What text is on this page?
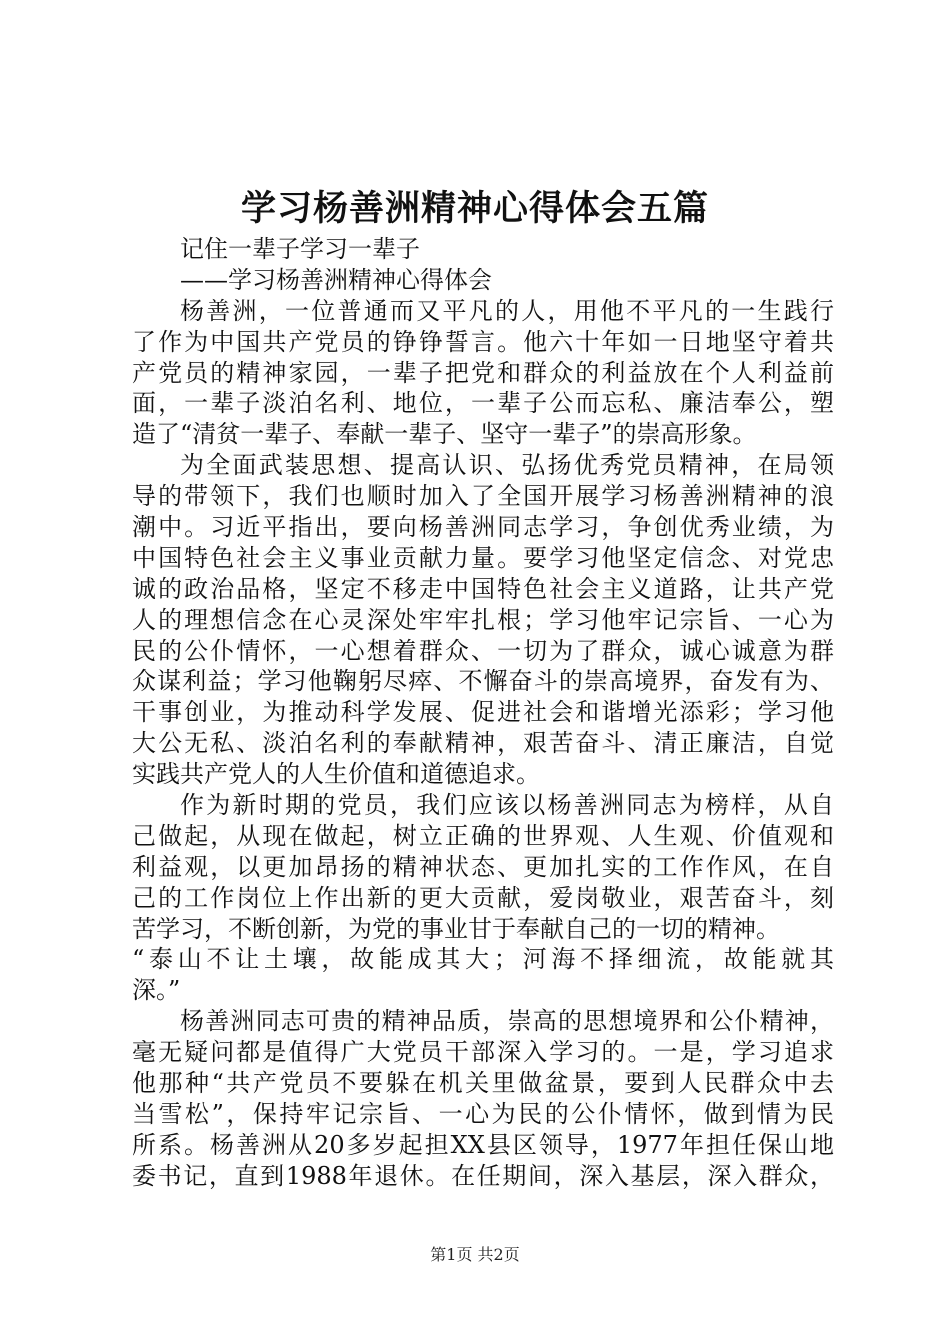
学习杨善洲精神心得体会五篇
记住一辈子学习一辈子
——学习杨善洲精神心得体会
杨善洲，一位普通而又平凡的人，用他不平凡的一生践行
了作为中国共产党员的铮铮誓言。他六十年如一日地坚守着共
产党员的精神家园，一辈子把党和群众的利益放在个人利益前
面，一辈子淡泊名利、地位，一辈子公而忘私、廉洁奉公，塑
造了“清贫一辈子、奉献一辈子、坚守一辈子”的崇高形象。
为全面武装思想、提高认识、弘扬优秀党员精神，在局领
导的带领下，我们也顺时加入了全国开展学习杨善洲精神的浪
潮中。习近平指出，要向杨善洲同志学习，争创优秀业绩，为
中国特色社会主义事业贡献力量。要学习他坚定信念、对党忠
诚的政治品格，坚定不移走中国特色社会主义道路，让共产党
人的理想信念在心灵深处牢牢扎根；学习他牢记宗旨、一心为
民的公仆情怀，一心想着群众、一切为了群众，诚心诚意为群
众谋利益；学习他鞠躬尽瘁、不懈奋斗的崇高境界，奋发有为、
干事创业，为推动科学发展、促进社会和谐增光添彩；学习他
大公无私、淡泊名利的奉献精神，艰苦奋斗、清正廉洁，自觉
实践共产党人的人生价值和道德追求。
作为新时期的党员，我们应该以杨善洲同志为榜样，从自
己做起，从现在做起，树立正确的世界观、人生观、价值观和
利益观，以更加昂扬的精神状态、更加扎实的工作作风，在自
己的工作岗位上作出新的更大贡献，爱岗敬业，艰苦奋斗，刻
苦学习，不断创新，为党的事业甘于奉献自己的一切的精神。
“泰山不让土壤，故能成其大；河海不择细流，故能就其
深。”
杨善洲同志可贵的精神品质，崇高的思想境界和公仆精神，
毫无疑问都是值得广大党员干部深入学习的。一是，学习追求
他那种“共产党员不要躲在机关里做盆景，要到人民群众中去
当雪松”，保持牢记宗旨、一心为民的公仆情怀，做到情为民
所系。杨善洲从20多岁起担XX县区领导，1977年担任保山地
委书记，直到1988年退休。在任期间，深入基层，深入群众，
第1页 共2页
